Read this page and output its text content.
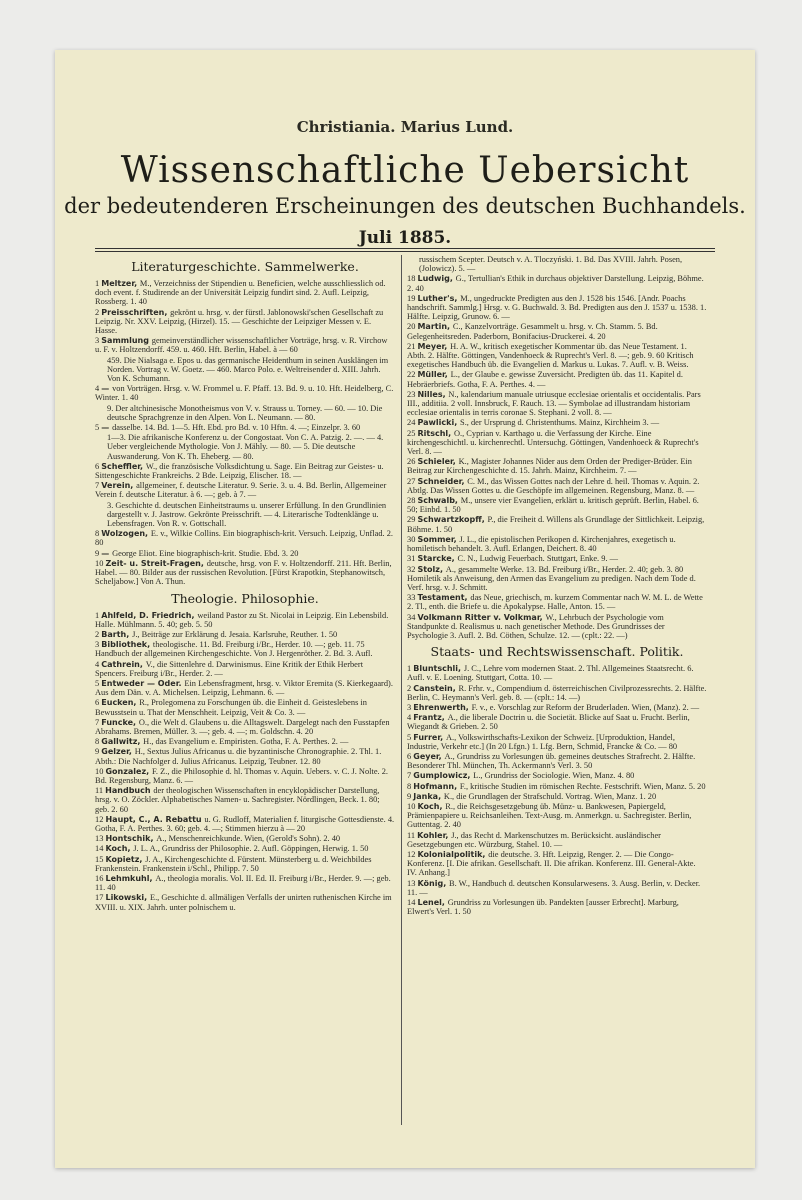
Christiania. Marius Lund.
Wissenschaftliche Uebersicht
der bedeutenderen Erscheinungen des deutschen Buchhandels.
Juli 1885.
Literaturgeschichte. Sammelwerke.
1 Meltzer, M., Verzeichniss der Stipendien u. Beneficien, welche ausschliesslich od. doch event. f. Studirende an der Universität Leipzig fundirt sind. 2. Aufl. Leipzig, Rossberg. 1. 40
2 Preisschriften, gekrönt u. hrsg. v. der fürstl. Jablonowski'schen Gesellschaft zu Leipzig. Nr. XXV. Leipzig, (Hirzel). 15. — Geschichte der Leipziger Messen v. E. Hasse.
3 Sammlung gemeinverständlicher wissenschaftlicher Vorträge, hrsg. v. R. Virchow u. F. v. Holtzendorff. 459. u. 460. Hft. Berlin, Habel. à — 60
459. Die Nialsaga e. Epos u. das germanische Heidenthum in seinen Ausklängen im Norden. Vortrag v. W. Goetz. — 460. Marco Polo. e. Weltreisender d. XIII. Jahrh. Von K. Schumann.
4 — von Vorträgen. Hrsg. v. W. Frommel u. F. Pfaff. 13. Bd. 9. u. 10. Hft. Heidelberg, C. Winter. 1. 40
9. Der altchinesische Monotheismus von V. v. Strauss u. Torney. — 60. — 10. Die deutsche Sprachgrenze in den Alpen. Von L. Neumann. — 80.
5 — dasselbe. 14. Bd. 1—5. Hft. Ebd. pro Bd. v. 10 Hftn. 4. —; Einzelpr. 3. 60
1—3. Die afrikanische Konferenz u. der Congostaat. Von C. A. Patzig. 2. —. — 4. Ueber vergleichende Mythologie. Von J. Mähly. — 80. — 5. Die deutsche Auswanderung. Von K. Th. Eheberg. — 80.
6 Scheffler, W., die französische Volksdichtung u. Sage. Ein Beitrag zur Geistes- u. Sittengeschichte Frankreichs. 2 Bde. Leipzig, Elischer. 18. —
7 Verein, allgemeiner, f. deutsche Literatur. 9. Serie. 3. u. 4. Bd. Berlin, Allgemeiner Verein f. deutsche Literatur. à 6. —; geb. à 7. —
3. Geschichte d. deutschen Einheitstraums u. unserer Erfüllung. In den Grundlinien dargestellt v. J. Jastrow. Gekrönte Preisschrift. — 4. Literarische Todtenklänge u. Lebensfragen. Von R. v. Gottschall.
8 Wolzogen, E. v., Wilkie Collins. Ein biographisch-krit. Versuch. Leipzig, Unflad. 2. 80
9 — George Eliot. Eine biographisch-krit. Studie. Ebd. 3. 20
10 Zeit- u. Streit-Fragen, deutsche, hrsg. von F. v. Holtzendorff. 211. Hft. Berlin, Habel. — 80. Bilder aus der russischen Revolution. [Fürst Krapotkin, Stephanowitsch, Scheljabow.] Von A. Thun.
Theologie. Philosophie.
1 Ahlfeld, D. Friedrich, weiland Pastor zu St. Nicolai in Leipzig. Ein Lebensbild. Halle. Mühlmann. 5. 40; geb. 5. 50
2 Barth, J., Beiträge zur Erklärung d. Jesaia. Karlsruhe, Reuther. 1. 50
3 Bibliothek, theologische. 11. Bd. Freiburg i/Br., Herder. 10. —; geb. 11. 75 Handbuch der allgemeinen Kirchengeschichte. Von J. Hergenröther. 2. Bd. 3. Aufl.
4 Cathrein, V., die Sittenlehre d. Darwinismus. Eine Kritik der Ethik Herbert Spencers. Freiburg i/Br., Herder. 2. —
5 Entweder — Oder. Ein Lebensfragment, hrsg. v. Viktor Eremita (S. Kierkegaard). Aus dem Dän. v. A. Michelsen. Leipzig, Lehmann. 6. —
6 Eucken, R., Prolegomena zu Forschungen üb. die Einheit d. Geisteslebens in Bewusstsein u. That der Menschheit. Leipzig, Veit & Co. 3. —
7 Funcke, O., die Welt d. Glaubens u. die Alltagswelt. Dargelegt nach den Fusstapfen Abrahams. Bremen, Müller. 3. —; geb. 4. —; m. Goldschn. 4. 20
8 Gallwitz, H., das Evangelium e. Empiristen. Gotha, F. A. Perthes. 2. —
9 Gelzer, H., Sextus Julius Africanus u. die byzantinische Chronographie. 2. Thl. 1. Abth.: Die Nachfolger d. Julius Africanus. Leipzig, Teubner. 12. 80
10 Gonzalez, F. Z., die Philosophie d. hl. Thomas v. Aquin. Uebers. v. C. J. Nolte. 2. Bd. Regensburg, Manz. 6. —
11 Handbuch der theologischen Wissenschaften in encyklopädischer Darstellung, hrsg. v. O. Zöckler. Alphabetisches Namen- u. Sachregister. Nördlingen, Beck. 1. 80; geb. 2. 60
12 Haupt, C., A. Rebattu u. G. Rudloff, Materialien f. liturgische Gottesdienste. 4. Gotha, F. A. Perthes. 3. 60; geb. 4. —; Stimmen hierzu à — 20
13 Hontschik, A., Menschenreichkunde. Wien, (Gerold's Sohn). 2. 40
14 Koch, J. L. A., Grundriss der Philosophie. 2. Aufl. Göppingen, Herwig. 1. 50
15 Kopietz, J. A., Kirchengeschichte d. Fürstent. Münsterberg u. d. Weichbildes Frankenstein. Frankenstein i/Schl., Philipp. 7. 50
16 Lehmkuhl, A., theologia moralis. Vol. II. Ed. II. Freiburg i/Br., Herder. 9. —; geb. 11. 40
17 Likowski, E., Geschichte d. allmäligen Verfalls der unirten ruthenischen Kirche im XVIII. u. XIX. Jahrh. unter polnischem u.
russischem Scepter. Deutsch v. A. Tloczyński. 1. Bd. Das XVIII. Jahrh. Posen, (Jolowicz). 5. —
18 Ludwig, G., Tertullian's Ethik in durchaus objektiver Darstellung. Leipzig, Böhme. 2. 40
19 Luther's, M., ungedruckte Predigten aus den J. 1528 bis 1546. [Andr. Poachs handschrift. Sammlg.] Hrsg. v. G. Buchwald. 3. Bd. Predigten aus den J. 1537 u. 1538. 1. Hälfte. Leipzig, Grunow. 6. —
20 Martin, C., Kanzelvorträge. Gesammelt u. hrsg. v. Ch. Stamm. 5. Bd. Gelegenheitsreden. Paderborn, Bonifacius-Druckerei. 4. 20
21 Meyer, H. A. W., kritisch exegetischer Kommentar üb. das Neue Testament. 1. Abth. 2. Hälfte. Göttingen, Vandenhoeck & Ruprecht's Verl. 8. —; geb. 9. 60 Kritisch exegetisches Handbuch üb. die Evangelien d. Markus u. Lukas. 7. Aufl. v. B. Weiss.
22 Müller, L., der Glaube e. gewisse Zuversicht. Predigten üb. das 11. Kapitel d. Hebräerbriefs. Gotha, F. A. Perthes. 4. —
23 Nilles, N., kalendarium manuale utriusque ecclesiae orientalis et occidentalis. Pars III., additiia. 2 voll. Innsbruck, F. Rauch. 13. — Symbolae ad illustrandam historiam ecclesiae orientalis in terris coronae S. Stephani. 2 voll. 8. —
24 Pawlicki, S., der Ursprung d. Christenthums. Mainz, Kirchheim 3. —
25 Ritschl, O., Cyprian v. Karthago u. die Verfassung der Kirche. Eine kirchengeschichtl. u. kirchenrechtl. Untersuchg. Göttingen, Vandenhoeck & Ruprecht's Verl. 8. —
26 Schieler, K., Magister Johannes Nider aus dem Orden der Prediger-Brüder. Ein Beitrag zur Kirchengeschichte d. 15. Jahrh. Mainz, Kirchheim. 7. —
27 Schneider, C. M., das Wissen Gottes nach der Lehre d. heil. Thomas v. Aquin. 2. Abtlg. Das Wissen Gottes u. die Geschöpfe im allgemeinen. Regensburg, Manz. 8. —
28 Schwalb, M., unsere vier Evangelien, erklärt u. kritisch geprüft. Berlin, Habel. 6. 50; Einbd. 1. 50
29 Schwartzkopff, P., die Freiheit d. Willens als Grundlage der Sittlichkeit. Leipzig, Böhme. 1. 50
30 Sommer, J. L., die epistolischen Perikopen d. Kirchenjahres, exegetisch u. homiletisch behandelt. 3. Aufl. Erlangen, Deichert. 8. 40
31 Starcke, C. N., Ludwig Feuerbach. Stuttgart, Enke. 9. —
32 Stolz, A., gesammelte Werke. 13. Bd. Freiburg i/Br., Herder. 2. 40; geb. 3. 80 Homiletik als Anweisung, den Armen das Evangelium zu predigen. Nach dem Tode d. Verf. hrsg. v. J. Schmitt.
33 Testament, das Neue, griechisch, m. kurzem Commentar nach W. M. L. de Wette 2. Tl., enth. die Briefe u. die Apokalypse. Halle, Anton. 15. —
34 Volkmann Ritter v. Volkmar, W., Lehrbuch der Psychologie vom Standpunkte d. Realismus u. nach genetischer Methode. Des Grundrisses der Psychologie 3. Aufl. 2. Bd. Cöthen, Schulze. 12. — (cplt.: 22. —)
Staats- und Rechtswissenschaft. Politik.
1 Bluntschli, J. C., Lehre vom modernen Staat. 2. Thl. Allgemeines Staatsrecht. 6. Aufl. v. E. Loening. Stuttgart, Cotta. 10. —
2 Canstein, R. Frhr. v., Compendium d. österreichischen Civilprozessrechts. 2. Hälfte. Berlin, C. Heymann's Verl. geb. 8. — (cplt.: 14. —)
3 Ehrenwerth, F. v., e. Vorschlag zur Reform der Bruderladen. Wien, (Manz). 2. —
4 Frantz, A., die liberale Doctrin u. die Societät. Blicke auf Saat u. Frucht. Berlin, Wiegandt & Grieben. 2. 50
5 Furrer, A., Volkswirthschafts-Lexikon der Schweiz. [Urproduktion, Handel, Industrie, Verkehr etc.] (In 20 Lfgn.) 1. Lfg. Bern, Schmid, Francke & Co. — 80
6 Geyer, A., Grundriss zu Vorlesungen üb. gemeines deutsches Strafrecht. 2. Hälfte. Besonderer Thl. München, Th. Ackermann's Verl. 3. 50
7 Gumplowicz, L., Grundriss der Sociologie. Wien, Manz. 4. 80
8 Hofmann, F., kritische Studien im römischen Rechte. Festschrift. Wien, Manz. 5. 20
9 Janka, K., die Grundlagen der Strafschuld. Vortrag. Wien, Manz. 1. 20
10 Koch, R., die Reichsgesetzgebung üb. Münz- u. Bankwesen, Papiergeld, Prämienpapiere u. Reichsanleihen. Text-Ausg. m. Anmerkgn. u. Sachregister. Berlin, Guttentag. 2. 40
11 Kohler, J., das Recht d. Markenschutzes m. Berücksicht. ausländischer Gesetzgebungen etc. Würzburg, Stahel. 10. —
12 Kolonialpolitik, die deutsche. 3. Hft. Leipzig, Renger. 2. — Die Congo-Konferenz. [I. Die afrikan. Gesellschaft. II. Die afrikan. Konferenz. III. General-Akte. IV. Anhang.]
13 König, B. W., Handbuch d. deutschen Konsularwesens. 3. Ausg. Berlin, v. Decker. 11. —
14 Lenel, Grundriss zu Vorlesungen üb. Pandekten [ausser Erbrecht]. Marburg, Elwert's Verl. 1. 50
